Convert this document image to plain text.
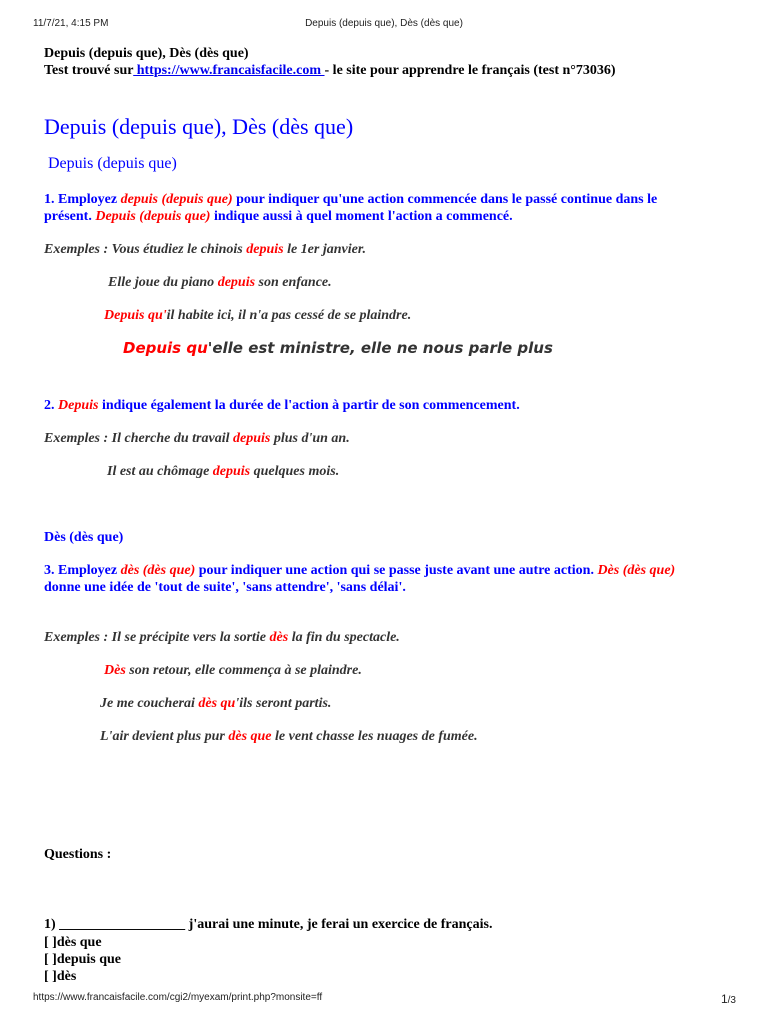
11/7/21, 4:15 PM	Depuis (depuis que), Dès (dès que)
Depuis (depuis que), Dès (dès que)
Test trouvé sur https://www.francaisfacile.com - le site pour apprendre le français (test n°73036)
Depuis (depuis que), Dès (dès que)
Depuis (depuis que)
1. Employez depuis (depuis que) pour indiquer qu'une action commencée dans le passé continue dans le
présent. Depuis (depuis que) indique aussi à quel moment l'action a commencé.
Exemples : Vous étudiez le chinois depuis le 1er janvier.
Elle joue du piano depuis son enfance.
Depuis qu'il habite ici, il n'a pas cessé de se plaindre.
Depuis qu'elle est ministre, elle ne nous parle plus
2. Depuis indique également la durée de l'action à partir de son commencement.
Exemples : Il cherche du travail depuis plus d'un an.
Il est au chômage depuis quelques mois.
Dès (dès que)
3. Employez dès (dès que) pour indiquer une action qui se passe juste avant une autre action. Dès (dès que)
donne une idée de 'tout de suite', 'sans attendre', 'sans délai'.
Exemples : Il se précipite vers la sortie dès la fin du spectacle.
Dès son retour, elle commença à se plaindre.
Je me coucherai dès qu'ils seront partis.
L'air devient plus pur dès que le vent chasse les nuages de fumée.
Questions :
1) __________________ j'aurai une minute, je ferai un exercice de français.
[ ]dès que
[ ]depuis que
[ ]dès
https://www.francaisfacile.com/cgi2/myexam/print.php?monsite=ff	1/3
